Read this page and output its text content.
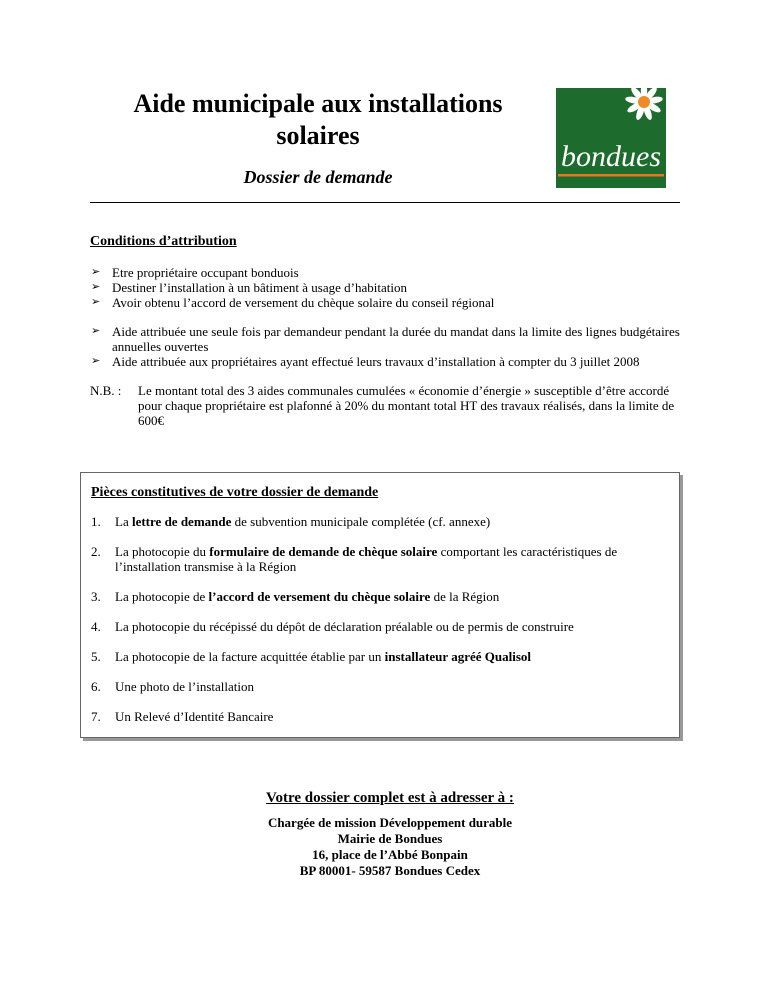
Aide municipale aux installations
solaires
Dossier de demande
bondues
Conditions d’attribution
➢ Etre propriétaire occupant bonduois
➢ Destiner l’installation à un bâtiment à usage d’habitation
➢ Avoir obtenu l’accord de versement du chèque solaire du conseil régional
➢ Aide attribuée une seule fois par demandeur pendant la durée du mandat dans la limite des lignes budgétaires annuelles ouvertes
➢ Aide attribuée aux propriétaires ayant effectué leurs travaux d’installation à compter du 3 juillet 2008
N.B. :	Le montant total des 3 aides communales cumulées « économie d’énergie » susceptible d’être accordé pour chaque propriétaire est plafonné à 20% du montant total HT des travaux réalisés, dans la limite de 600€
Pièces constitutives de votre dossier de demande
1.	La lettre de demande de subvention municipale complétée (cf. annexe)
2.	La photocopie du formulaire de demande de chèque solaire comportant les caractéristiques de l’installation transmise à la Région
3.	La photocopie de l’accord de versement du chèque solaire de la Région
4.	La photocopie du récépissé du dépôt de déclaration préalable ou de permis de construire
5.	La photocopie de la facture acquittée établie par un installateur agréé Qualisol
6.	Une photo de l’installation
7.	Un Relevé d’Identité Bancaire
Votre dossier complet est à adresser à :
Chargée de mission Développement durable
Mairie de Bondues
16, place de l’Abbé Bonpain
BP 80001- 59587 Bondues Cedex
